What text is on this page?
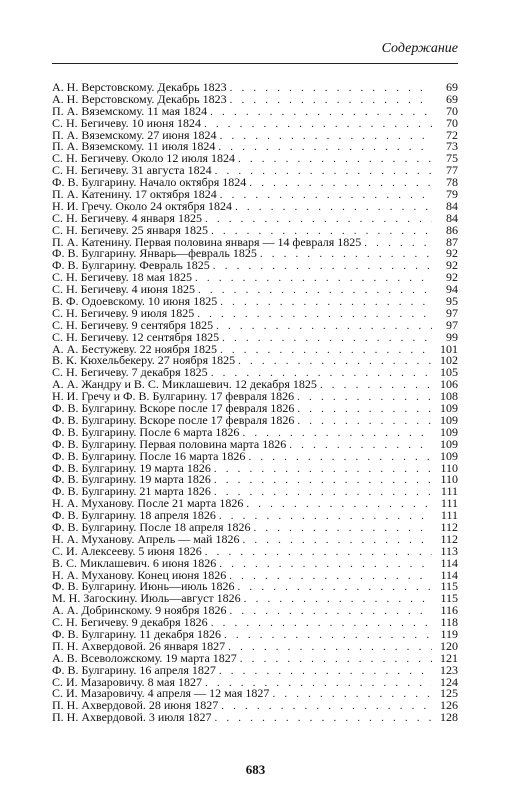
Содержание
А. Н. Верстовскому. Декабрь 1823 . . .	69
А. Н. Верстовскому. Декабрь 1823 . . .	69
П. А. Вяземскому. 11 мая 1824 . . .	70
С. Н. Бегичеву. 10 июня 1824 . . .	70
П. А. Вяземскому. 27 июня 1824 . . .	72
П. А. Вяземскому. 11 июля 1824 . . .	73
С. Н. Бегичеву. Около 12 июля 1824 . . .	75
С. Н. Бегичеву. 31 августа 1824 . . .	77
Ф. В. Булгарину. Начало октября 1824 . . .	78
П. А. Катенину. 17 октября 1824 . . .	79
Н. И. Гречу. Около 24 октября 1824 . . .	84
С. Н. Бегичеву. 4 января 1825 . . .	84
С. Н. Бегичеву. 25 января 1825 . . .	86
П. А. Катенину. Первая половина января — 14 февраля 1825 . . .	87
Ф. В. Булгарину. Январь—февраль 1825 . . .	92
Ф. В. Булгарину. Февраль 1825 . . .	92
С. Н. Бегичеву. 18 мая 1825 . . .	92
С. Н. Бегичеву. 4 июня 1825 . . .	94
В. Ф. Одоевскому. 10 июня 1825 . . .	95
С. Н. Бегичеву. 9 июля 1825 . . .	97
С. Н. Бегичеву. 9 сентября 1825 . . .	97
С. Н. Бегичеву. 12 сентября 1825 . . .	99
А. А. Бестужеву. 22 ноября 1825 . . .	101
В. К. Кюхельбекеру. 27 ноября 1825 . . .	102
С. Н. Бегичеву. 7 декабря 1825 . . .	105
А. А. Жандру и В. С. Миклашевич. 12 декабря 1825 . . .	106
Н. И. Гречу и Ф. В. Булгарину. 17 февраля 1826 . . .	108
Ф. В. Булгарину. Вскоре после 17 февраля 1826 . . .	109
Ф. В. Булгарину. Вскоре после 17 февраля 1826 . . .	109
Ф. В. Булгарину. После 6 марта 1826 . . .	109
Ф. В. Булгарину. Первая половина марта 1826 . . .	109
Ф. В. Булгарину. После 16 марта 1826 . . .	109
Ф. В. Булгарину. 19 марта 1826 . . .	110
Ф. В. Булгарину. 19 марта 1826 . . .	110
Ф. В. Булгарину. 21 марта 1826 . . .	111
Н. А. Муханову. После 21 марта 1826 . . .	111
Ф. В. Булгарину. 18 апреля 1826 . . .	111
Ф. В. Булгарину. После 18 апреля 1826 . . .	112
Н. А. Муханову. Апрель — май 1826 . . .	112
С. И. Алексееву. 5 июня 1826 . . .	113
В. С. Миклашевич. 6 июня 1826 . . .	114
Н. А. Муханову. Конец июня 1826 . . .	114
Ф. В. Булгарину. Июнь—июль 1826 . . .	115
М. Н. Загоскину. Июль—август 1826 . . .	115
А. А. Добринскому. 9 ноября 1826 . . .	116
С. Н. Бегичеву. 9 декабря 1826 . . .	118
Ф. В. Булгарину. 11 декабря 1826 . . .	119
П. Н. Ахвердовой. 26 января 1827 . . .	120
А. В. Всеволожскому. 19 марта 1827 . . .	121
Ф. В. Булгарину. 16 апреля 1827 . . .	123
С. И. Мазаровичу. 8 мая 1827 . . .	124
С. И. Мазаровичу. 4 апреля — 12 мая 1827 . . .	125
П. Н. Ахвердовой. 28 июня 1827 . . .	126
П. Н. Ахвердовой. 3 июля 1827 . . .	128
683
